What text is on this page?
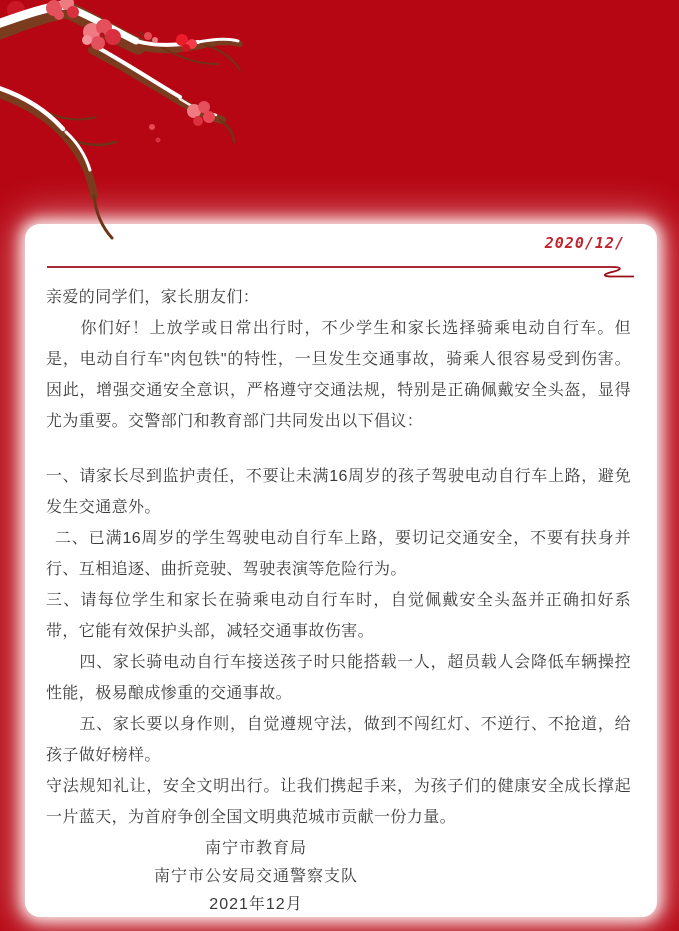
2020/12/

亲爱的同学们，家长朋友们：

　　你们好！上放学或日常出行时，不少学生和家长选择骑乘电动自行车。但是，电动自行车"肉包铁"的特性，一旦发生交通事故，骑乘人很容易受到伤害。因此，增强交通安全意识，严格遵守交通法规，特别是正确佩戴安全头盔，显得尤为重要。交警部门和教育部门共同发出以下倡议：

一、请家长尽到监护责任，不要让未满16周岁的孩子驾驶电动自行车上路，避免发生交通意外。

 二、已满16周岁的学生驾驶电动自行车上路，要切记交通安全，不要有扶身并行、互相追逐、曲折竞驶、驾驶表演等危险行为。

三、请每位学生和家长在骑乘电动自行车时，自觉佩戴安全头盔并正确扣好系带，它能有效保护头部，减轻交通事故伤害。

　　四、家长骑电动自行车接送孩子时只能搭载一人，超员载人会降低车辆操控性能，极易酿成惨重的交通事故。

　　五、家长要以身作则，自觉遵规守法，做到不闯红灯、不逆行、不抢道，给孩子做好榜样。

守法规知礼让，安全文明出行。让我们携起手来，为孩子们的健康安全成长撑起一片蓝天，为首府争创全国文明典范城市贡献一份力量。

南宁市教育局

南宁市公安局交通警察支队

2021年12月
